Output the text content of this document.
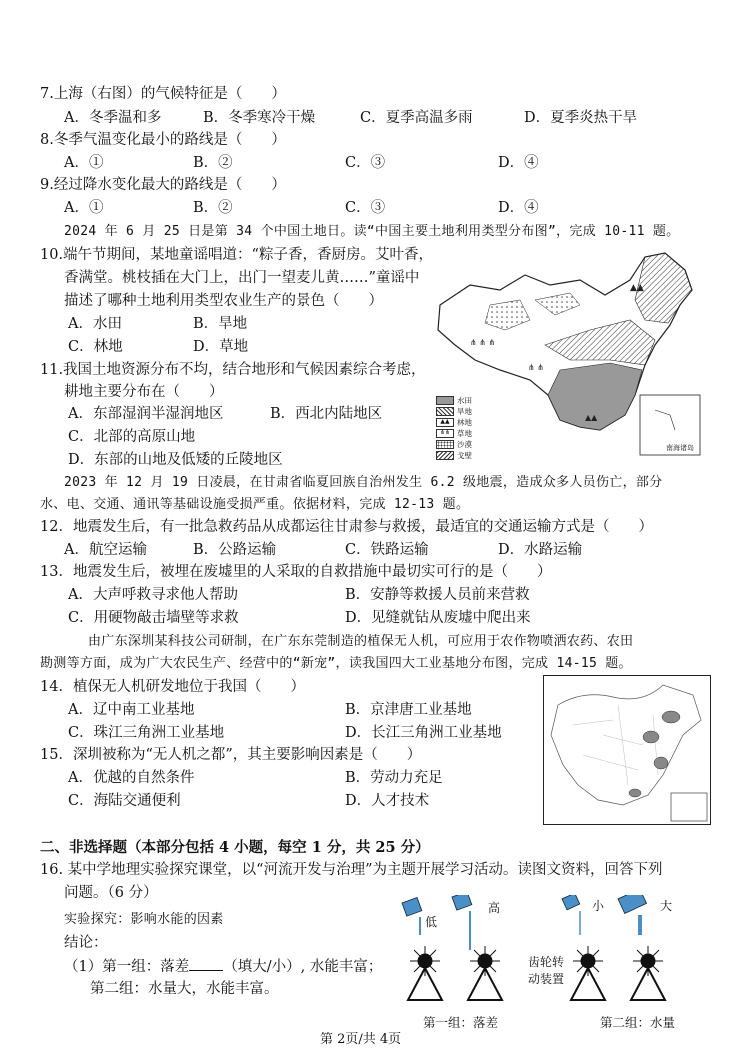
7.上海（右图）的气候特征是（　　）
A．冬季温和多	B．冬季寒冷干燥	C．夏季高温多雨	D．夏季炎热干旱
8.冬季气温变化最小的路线是（　　）
A．①	B．②	C．③	D．④
9.经过降水变化最大的路线是（　　）
A．①	B．②	C．③	D．④
2024 年 6 月 25 日是第 34 个中国土地日。读“中国主要土地利用类型分布图”，完成 10-11 题。
10.端午节期间，某地童谣唱道：“粽子香，香厨房。艾叶香，
香满堂。桃枝插在大门上，出门一望麦儿黄……”童谣中
描述了哪种土地利用类型农业生产的景色（　　）
A．水田	B．旱地
C．林地	D．草地
11.我国土地资源分布不均，结合地形和气候因素综合考虑，
耕地主要分布在（　　）
A．东部湿润半湿润地区	B．西北内陆地区
C．北部的高原山地
D．东部的山地及低矮的丘陵地区
▲▲
⋔ ⋔
⋔ ⋔ ⋔
▲▲
南海诸岛
水田
旱地
▲▲ 林地
⋔⋔ 草地
沙漠
戈壁
2023 年 12 月 19 日凌晨，在甘肃省临夏回族自治州发生 6.2 级地震，造成众多人员伤亡，部分
水、电、交通、通讯等基础设施受损严重。依据材料，完成 12-13 题。
12．地震发生后，有一批急救药品从成都运往甘肃参与救援，最适宜的交通运输方式是（　　）
A．航空运输	B．公路运输	C．铁路运输	D．水路运输
13．地震发生后，被埋在废墟里的人采取的自救措施中最切实可行的是（　　）
A．大声呼救寻求他人帮助	B．安静等救援人员前来营救
C．用硬物敲击墙壁等求救	D．见缝就钻从废墟中爬出来
由广东深圳某科技公司研制，在广东东莞制造的植保无人机，可应用于农作物喷洒农药、农田
勘测等方面，成为广大农民生产、经营中的“新宠”，读我国四大工业基地分布图，完成 14-15 题。
14．植保无人机研发地位于我国（　　）
A．辽中南工业基地	B．京津唐工业基地
C．珠江三角洲工业基地	D．长江三角洲工业基地
15．深圳被称为“无人机之都”，其主要影响因素是（　　）
A．优越的自然条件	B．劳动力充足
C．海陆交通便利	D．人才技术
二、非选择题（本部分包括 4 小题，每空 1 分，共 25 分）
16. 某中学地理实验探究课堂，以“河流开发与治理”为主题开展学习活动。读图文资料，回答下列
问题。（6 分）
实验探究：影响水能的因素
结论：
（1）第一组：落差 （填大/小）, 水能丰富；
第二组：水量大，水能丰富。
低
高	小	大
齿轮转
动装置
第一组：落差	第二组：水量
第 2页/共 4页
